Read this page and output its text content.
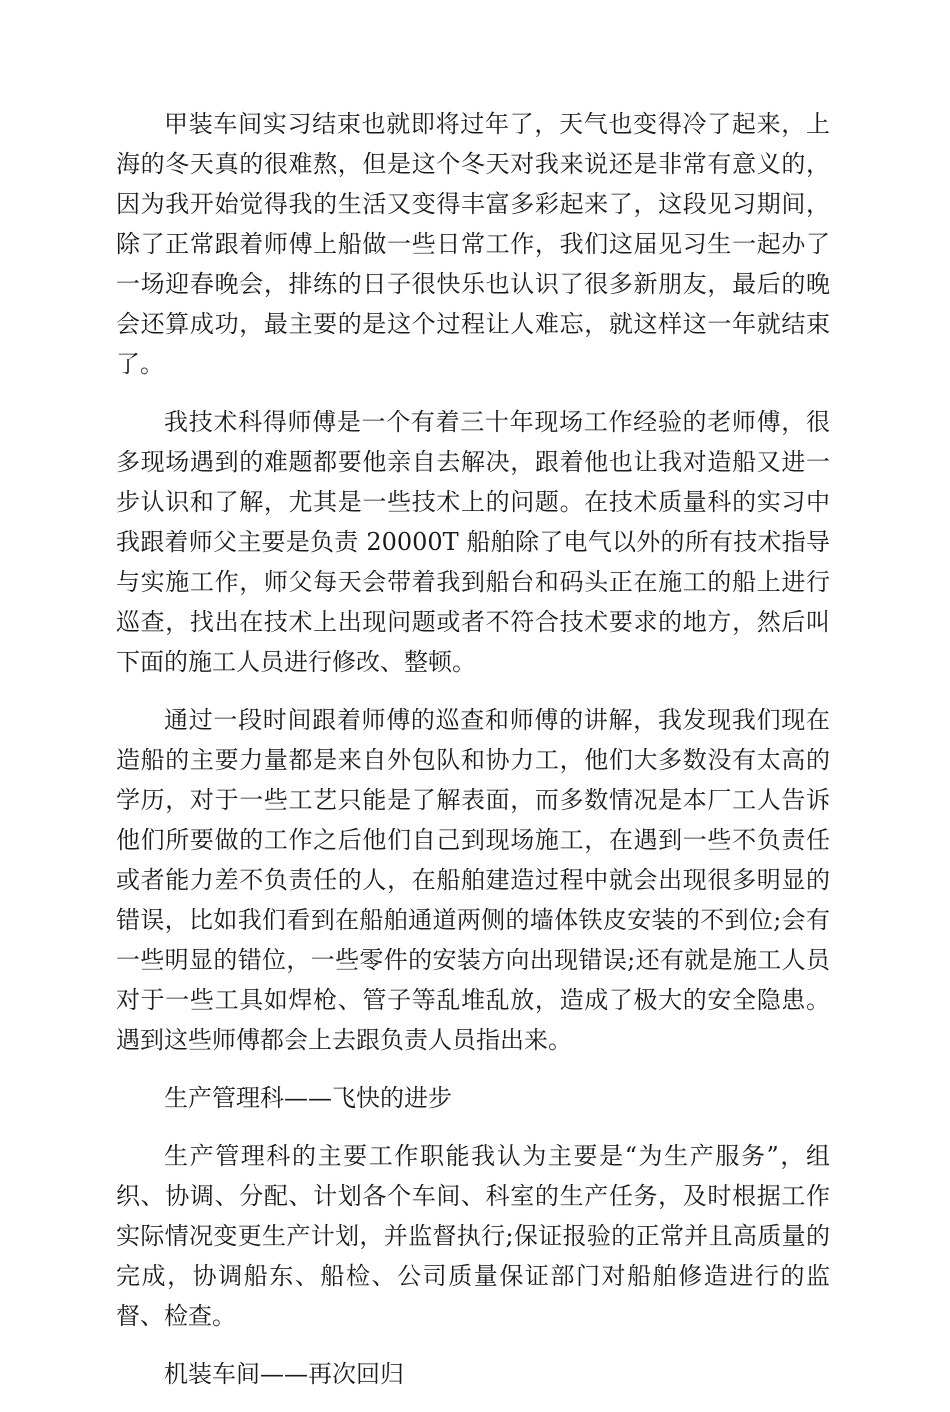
甲装车间实习结束也就即将过年了，天气也变得冷了起来，上海的冬天真的很难熬，但是这个冬天对我来说还是非常有意义的，因为我开始觉得我的生活又变得丰富多彩起来了，这段见习期间，除了正常跟着师傅上船做一些日常工作，我们这届见习生一起办了一场迎春晚会，排练的日子很快乐也认识了很多新朋友，最后的晚会还算成功，最主要的是这个过程让人难忘，就这样这一年就结束了。

我技术科得师傅是一个有着三十年现场工作经验的老师傅，很多现场遇到的难题都要他亲自去解决，跟着他也让我对造船又进一步认识和了解，尤其是一些技术上的问题。在技术质量科的实习中我跟着师父主要是负责 20000T 船舶除了电气以外的所有技术指导与实施工作，师父每天会带着我到船台和码头正在施工的船上进行巡查，找出在技术上出现问题或者不符合技术要求的地方，然后叫下面的施工人员进行修改、整顿。

通过一段时间跟着师傅的巡查和师傅的讲解，我发现我们现在造船的主要力量都是来自外包队和协力工，他们大多数没有太高的学历，对于一些工艺只能是了解表面，而多数情况是本厂工人告诉他们所要做的工作之后他们自己到现场施工，在遇到一些不负责任或者能力差不负责任的人，在船舶建造过程中就会出现很多明显的错误，比如我们看到在船舶通道两侧的墙体铁皮安装的不到位;会有一些明显的错位，一些零件的安装方向出现错误;还有就是施工人员对于一些工具如焊枪、管子等乱堆乱放，造成了极大的安全隐患。遇到这些师傅都会上去跟负责人员指出来。

生产管理科——飞快的进步

生产管理科的主要工作职能我认为主要是“为生产服务”，组织、协调、分配、计划各个车间、科室的生产任务，及时根据工作实际情况变更生产计划，并监督执行;保证报验的正常并且高质量的完成，协调船东、船检、公司质量保证部门对船舶修造进行的监督、检查。

机装车间——再次回归
